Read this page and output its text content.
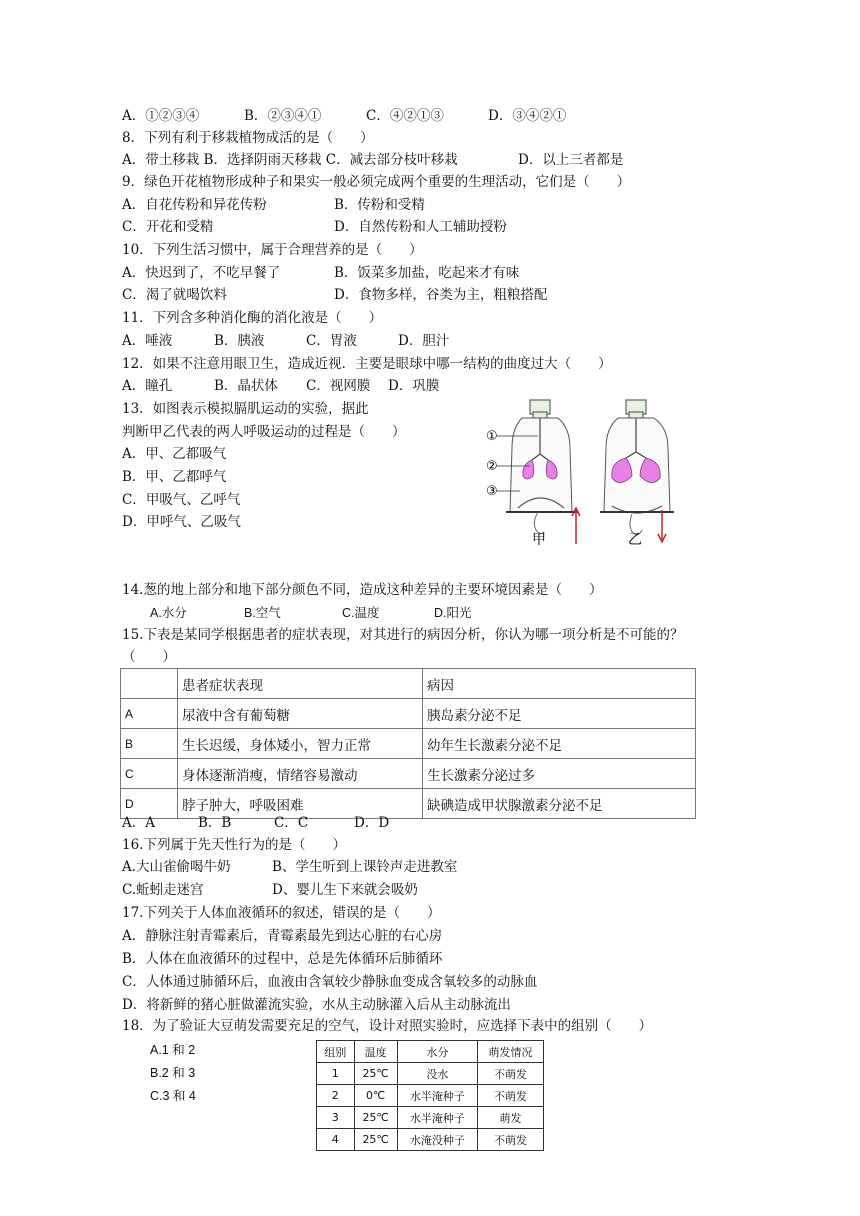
A．①②③④	B．②③④①	C．④②①③	D．③④②①
8．下列有利于移栽植物成活的是（　　）
A．带土移栽 B．选择阴雨天移栽 C．减去部分枝叶移栽	D．以上三者都是
9．绿色开花植物形成种子和果实一般必须完成两个重要的生理活动，它们是（　　）
A．自花传粉和异花传粉	B．传粉和受精
C．开花和受精	D．自然传粉和人工辅助授粉
10．下列生活习惯中，属于合理营养的是（　　）
A．快迟到了，不吃早餐了	B．饭菜多加盐，吃起来才有味
C．渴了就喝饮料	D．食物多样，谷类为主，粗粮搭配
11．下列含多种消化酶的消化液是（　　）
A．唾液	B．胰液	C．胃液	D．胆汁
12．如果不注意用眼卫生，造成近视．主要是眼球中哪一结构的曲度过大（　　）
A．瞳孔	B．晶状体 C．视网膜 D．巩膜
13．如图表示模拟膈肌运动的实验，据此
判断甲乙代表的两人呼吸运动的过程是（　　）
A．甲、乙都吸气
B．甲、乙都呼气
C．甲吸气、乙呼气
D．甲呼气、乙吸气
①
②
③
甲	乙
14.葱的地上部分和地下部分颜色不同，造成这种差异的主要环境因素是（　　）
A.水分	B.空气	C.温度	D.阳光
15.下表是某同学根据患者的症状表现，对其进行的病因分析，你认为哪一项分析是不可能的？
（　　）
	患者症状表现	病因
A	尿液中含有葡萄糖	胰岛素分泌不足
B	生长迟缓，身体矮小，智力正常	幼年生长激素分泌不足
C	身体逐渐消瘦，情绪容易激动	生长激素分泌过多
D	脖子肿大，呼吸困难	缺碘造成甲状腺激素分泌不足
A．A	B．B	C．C	D．D
16.下列属于先天性行为的是（　　）
A.大山雀偷喝牛奶	B、学生听到上课铃声走进教室
C.蚯蚓走迷宫	D、婴儿生下来就会吸奶
17.下列关于人体血液循环的叙述，错误的是（　　）
A．静脉注射青霉素后，青霉素最先到达心脏的右心房
B．人体在血液循环的过程中，总是先体循环后肺循环
C．人体通过肺循环后，血液由含氧较少静脉血变成含氧较多的动脉血
D．将新鲜的猪心脏做灌流实验，水从主动脉灌入后从主动脉流出
18．为了验证大豆萌发需要充足的空气，设计对照实验时，应选择下表中的组别（　　）
A.1 和 2
B.2 和 3
C.3 和 4
组别	温度	水分	萌发情况
1	25℃	没水	不萌发
2	0℃	水半淹种子	不萌发
3	25℃	水半淹种子	萌发
4	25℃	水淹没种子	不萌发
